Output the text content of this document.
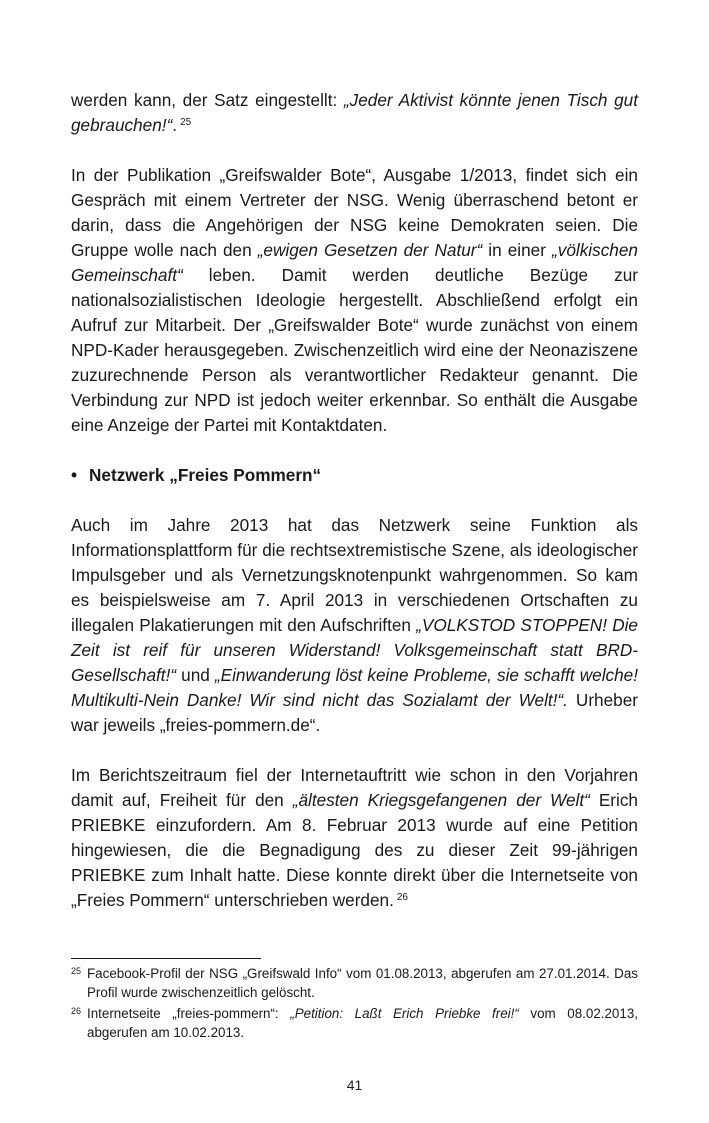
werden kann, der Satz eingestellt: „Jeder Aktivist könnte jenen Tisch gut gebrauchen!“. $^{25}$

In der Publikation „Greifswalder Bote“, Ausgabe 1/2013, findet sich ein Gespräch mit einem Vertreter der NSG. Wenig überraschend betont er darin, dass die Angehörigen der NSG keine Demokraten seien. Die Gruppe wolle nach den „ewigen Gesetzen der Natur“ in einer „völkischen Gemeinschaft“ leben. Damit werden deutliche Bezüge zur nationalsozialistischen Ideologie hergestellt. Abschließend erfolgt ein Aufruf zur Mitarbeit. Der „Greifswalder Bote“ wurde zunächst von einem NPD-Kader herausgegeben. Zwischenzeitlich wird eine der Neonaziszene zuzurechnende Person als verantwortlicher Redakteur genannt. Die Verbindung zur NPD ist jedoch weiter erkennbar. So enthält die Ausgabe eine Anzeige der Partei mit Kontaktdaten.

• Netzwerk „Freies Pommern“

Auch im Jahre 2013 hat das Netzwerk seine Funktion als Informationsplattform für die rechtsextremistische Szene, als ideologischer Impulsgeber und als Vernetzungsknotenpunkt wahrgenommen. So kam es beispielsweise am 7. April 2013 in verschiedenen Ortschaften zu illegalen Plakatierungen mit den Aufschriften „VOLKSTOD STOPPEN! Die Zeit ist reif für unseren Widerstand! Volksgemeinschaft statt BRD-Gesellschaft!“ und „Einwanderung löst keine Probleme, sie schafft welche! Multikulti-Nein Danke! Wir sind nicht das Sozialamt der Welt!“. Urheber war jeweils „freies-pommern.de“.

Im Berichtszeitraum fiel der Internetauftritt wie schon in den Vorjahren damit auf, Freiheit für den „ältesten Kriegsgefangenen der Welt“ Erich PRIEBKE einzufordern. Am 8. Februar 2013 wurde auf eine Petition hingewiesen, die die Begnadigung des zu dieser Zeit 99-jährigen PRIEBKE zum Inhalt hatte. Diese konnte direkt über die Internetseite von „Freies Pommern“ unterschrieben werden. $^{26}$

25 Facebook-Profil der NSG „Greifswald Info“ vom 01.08.2013, abgerufen am 27.01.2014. Das Profil wurde zwischenzeitlich gelöscht.
26 Internetseite „freies-pommern“: „Petition: Laßt Erich Priebke frei!“ vom 08.02.2013, abgerufen am 10.02.2013.
41
